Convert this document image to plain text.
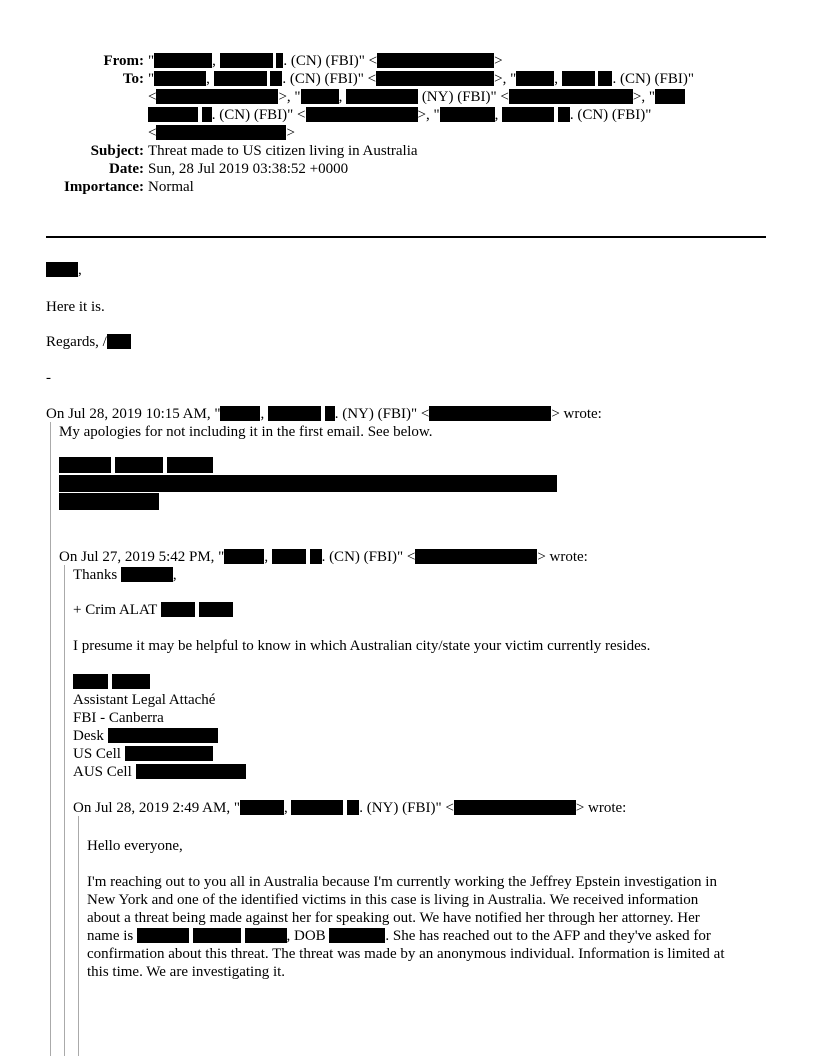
From: "	,	. (CN) (FBI)" <	>
To: "	,	. (CN) (FBI)" <	>, "	,	. (CN) (FBI)"
<	>, "	,	(NY) (FBI)" <	>, "
. (CN) (FBI)" <	>, "	,	. (CN) (FBI)"
<	>
Subject: Threat made to US citizen living in Australia
Date: Sun, 28 Jul 2019 03:38:52 +0000
Importance: Normal
,
Here it is.
Regards, /
-
On Jul 28, 2019 10:15 AM, "	,	. (NY) (FBI)" <	> wrote:
My apologies for not including it in the first email. See below.

On Jul 27, 2019 5:42 PM, "	,	. (CN) (FBI)" <	> wrote:
Thanks	,
+ Crim ALAT
I presume it may be helpful to know in which Australian city/state your victim currently resides.

Assistant Legal Attaché
FBI - Canberra
Desk
US Cell
AUS Cell
On Jul 28, 2019 2:49 AM, "	,	. (NY) (FBI)" <	> wrote:
Hello everyone,
I'm reaching out to you all in Australia because I'm currently working the Jeffrey Epstein investigation in
New York and one of the identified victims in this case is living in Australia. We received information
about a threat being made against her for speaking out. We have notified her through her attorney. Her
name is	, DOB	. She has reached out to the AFP and they've asked for
confirmation about this threat. The threat was made by an anonymous individual. Information is limited at
this time. We are investigating it.
